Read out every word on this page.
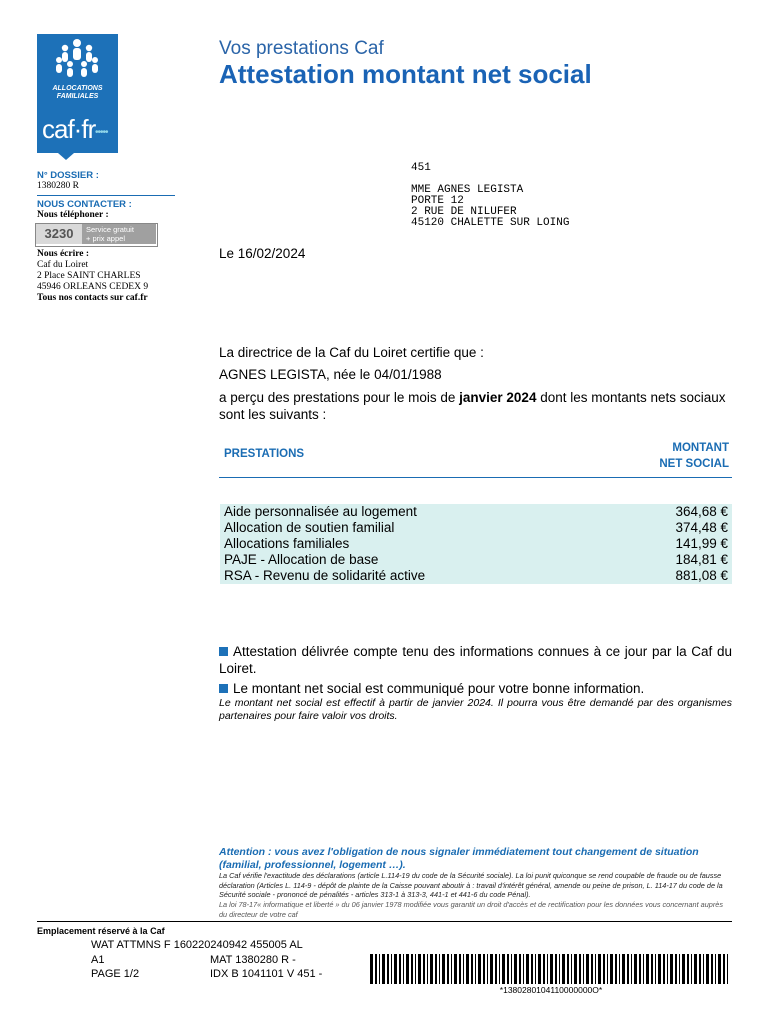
ALLOCATIONS
FAMILIALES
caf·fr •••••
Vos prestations Caf
Attestation montant net social
N° DOSSIER :
1380280 R
NOUS CONTACTER :
Nous téléphoner :
3230	Service gratuit
+ prix appel
Nous écrire :
Caf du Loiret
2 Place SAINT CHARLES
45946 ORLEANS CEDEX 9
Tous nos contacts sur caf.fr
451
MME AGNES LEGISTA
PORTE 12
2 RUE DE NILUFER
45120 CHALETTE SUR LOING
Le 16/02/2024
La directrice de la Caf du Loiret certifie que :
AGNES LEGISTA, née le 04/01/1988
a perçu des prestations pour le mois de janvier 2024 dont les montants nets sociaux sont les suivants :
PRESTATIONS	MONTANT
NET SOCIAL
Aide personnalisée au logement	364,68 €
Allocation de soutien familial	374,48 €
Allocations familiales	141,99 €
PAJE - Allocation de base	184,81 €
RSA - Revenu de solidarité active	881,08 €
Attestation délivrée compte tenu des informations connues à ce jour par la Caf du Loiret.
Le montant net social est communiqué pour votre bonne information.
Le montant net social est effectif à partir de janvier 2024. Il pourra vous être demandé par des organismes partenaires pour faire valoir vos droits.
Attention : vous avez l'obligation de nous signaler immédiatement tout changement de situation (familial, professionnel, logement …).
La Caf vérifie l'exactitude des déclarations (article L.114-19 du code de la Sécurité sociale). La loi punit quiconque se rend coupable de fraude ou de fausse déclaration (Articles L. 114-9 - dépôt de plainte de la Caisse pouvant aboutir à : travail d'intérêt général, amende ou peine de prison, L. 114-17 du code de la Sécurité sociale - prononcé de pénalités - articles 313-1 à 313-3, 441-1 et 441-6 du code Pénal).
La loi 78-17« informatique et liberté » du 06 janvier 1978 modifiée vous garantit un droit d'accès et de rectification pour les données vous concernant auprès du directeur de votre caf
Emplacement réservé à la Caf
WAT ATTMNS F 160220240942 455005 AL
A1	MAT 1380280 R -
PAGE 1/2	IDX B 1041101 V 451 -
*1380280104110000000O*
